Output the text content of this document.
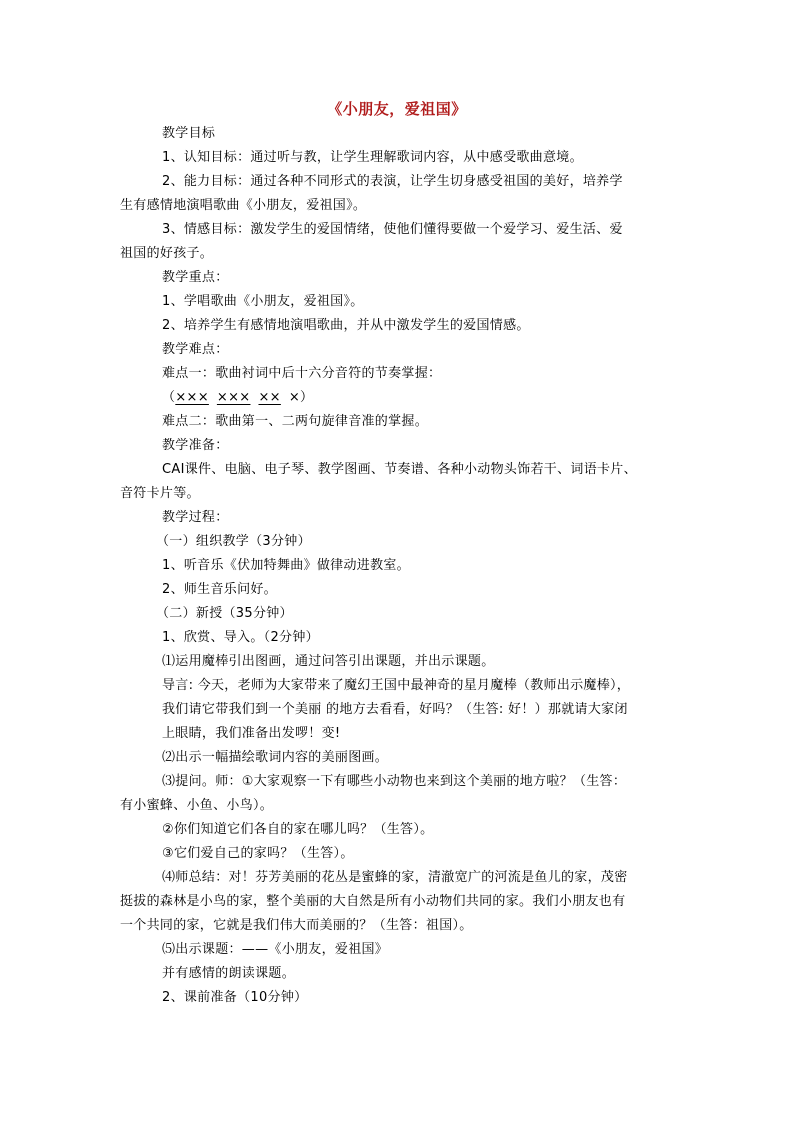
《小朋友，爱祖国》
教学目标
1、认知目标：通过听与教，让学生理解歌词内容，从中感受歌曲意境。
2、能力目标：通过各种不同形式的表演，让学生切身感受祖国的美好，培养学
生有感情地演唱歌曲《小朋友，爱祖国》。
3、情感目标：激发学生的爱国情绪，使他们懂得要做一个爱学习、爱生活、爱
祖国的好孩子。
教学重点：
1、学唱歌曲《小朋友，爱祖国》。
2、培养学生有感情地演唱歌曲，并从中激发学生的爱国情感。
教学难点：
难点一：歌曲衬词中后十六分音符的节奏掌握：
（××× ××× ×× ×）
难点二：歌曲第一、二两句旋律音准的掌握。
教学准备：
CAI课件、电脑、电子琴、教学图画、节奏谱、各种小动物头饰若干、词语卡片、
音符卡片等。
教学过程：
（一）组织教学（3分钟）
1、听音乐《伏加特舞曲》做律动进教室。
2、师生音乐问好。
（二）新授（35分钟）
1、欣赏、导入。（2分钟）
⑴运用魔棒引出图画，通过问答引出课题，并出示课题。
导言: 今天，老师为大家带来了魔幻王国中最神奇的星月魔棒（教师出示魔棒），
我们请它带我们到一个美丽 的地方去看看，好吗？（生答: 好！）那就请大家闭
上眼睛，我们准备出发啰！变!
⑵出示一幅描绘歌词内容的美丽图画。
⑶提问。师：①大家观察一下有哪些小动物也来到这个美丽的地方啦？（生答：
有小蜜蜂、小鱼、小鸟）。
②你们知道它们各自的家在哪儿吗？（生答）。
③它们爱自己的家吗？（生答）。
⑷师总结：对！芬芳美丽的花丛是蜜蜂的家，清澈宽广的河流是鱼儿的家，茂密
挺拔的森林是小鸟的家，整个美丽的大自然是所有小动物们共同的家。我们小朋友也有
一个共同的家，它就是我们伟大而美丽的？（生答：祖国）。
⑸出示课题：——《小朋友，爱祖国》
并有感情的朗读课题。
2、课前准备（10分钟）
